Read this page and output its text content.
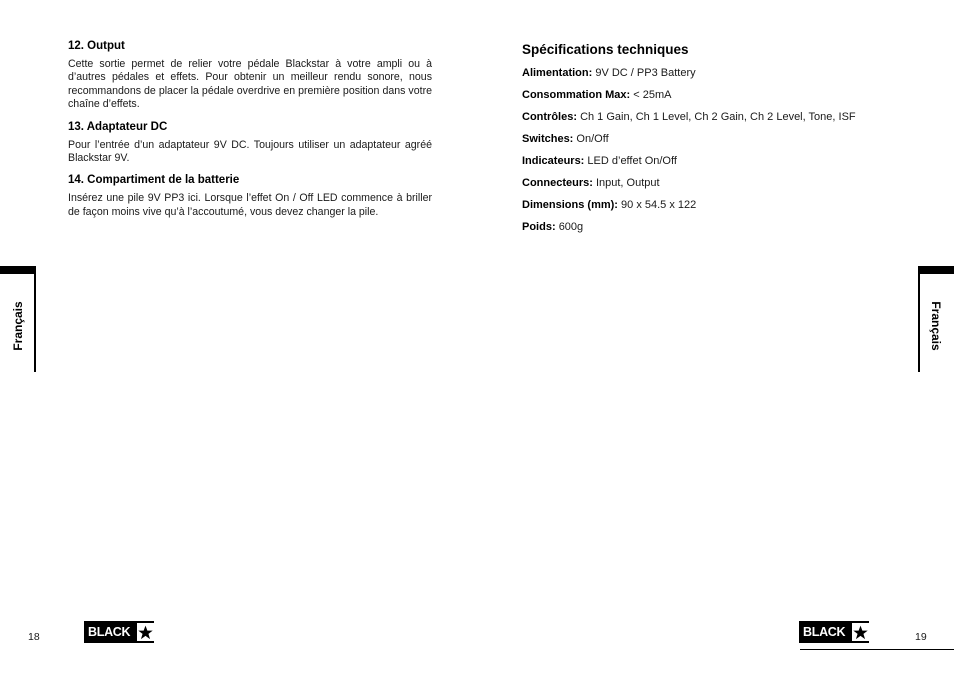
12. Output
Cette sortie permet de relier votre pédale Blackstar à votre ampli ou à d’autres pédales et effets. Pour obtenir un meilleur rendu sonore, nous recommandons de placer la pédale overdrive en première position dans votre chaîne d’effets.
13. Adaptateur DC
Pour l’entrée d’un adaptateur 9V DC. Toujours utiliser un adaptateur agréé Blackstar 9V.
14. Compartiment de la batterie
Insérez une pile 9V PP3 ici. Lorsque l’effet On / Off LED commence à briller de façon moins vive qu’à l’accoutumé, vous devez changer la pile.
Spécifications techniques
Alimentation: 9V DC / PP3 Battery
Consommation Max: < 25mA
Contrôles: Ch 1 Gain, Ch 1 Level, Ch 2 Gain, Ch 2 Level, Tone, ISF
Switches: On/Off
Indicateurs: LED d’effet On/Off
Connecteurs: Input, Output
Dimensions (mm): 90 x 54.5 x 122
Poids: 600g
Français	Français
18	BLACK	BLACK	19
